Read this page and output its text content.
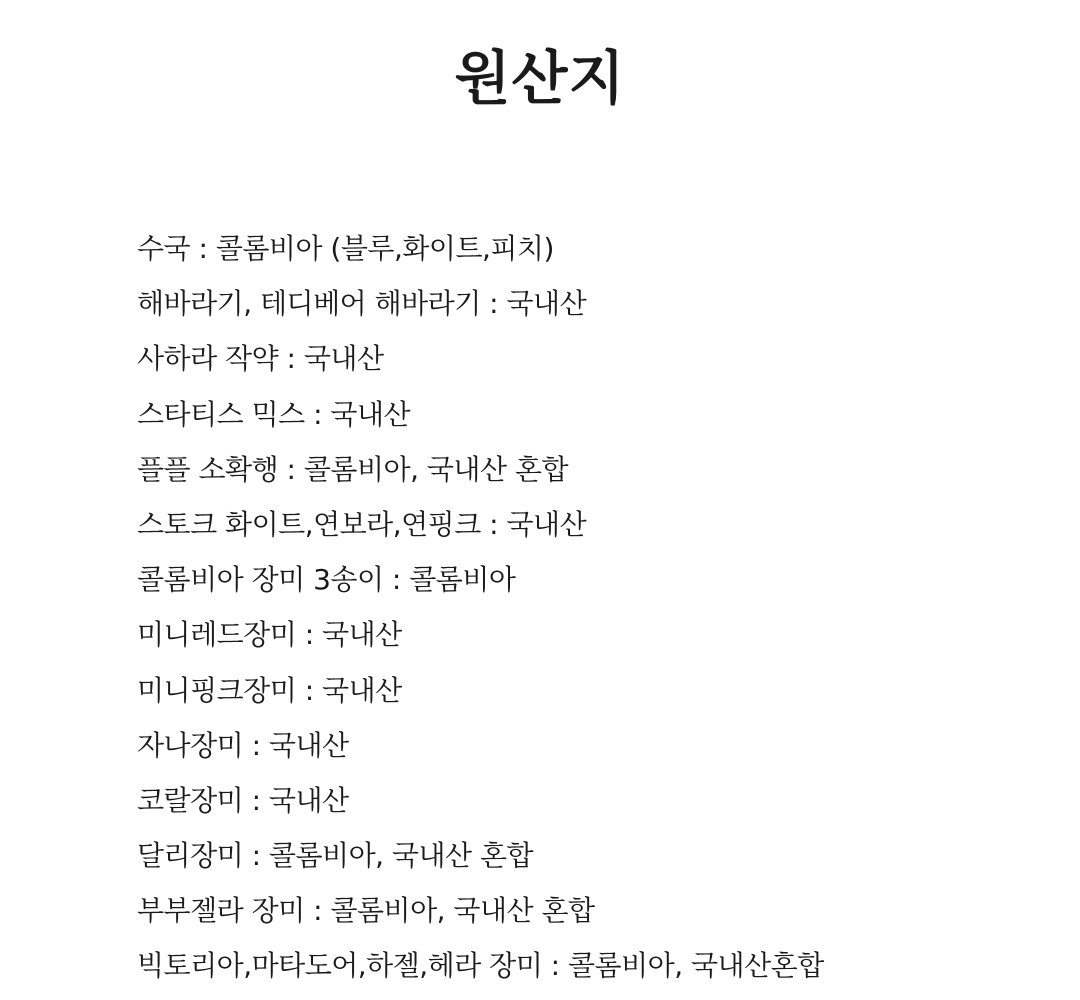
원산지
수국 : 콜롬비아 (블루,화이트,피치)
해바라기, 테디베어 해바라기 : 국내산
사하라 작약 : 국내산
스타티스 믹스 : 국내산
플플 소확행 : 콜롬비아, 국내산 혼합
스토크 화이트,연보라,연핑크 : 국내산
콜롬비아 장미 3송이 : 콜롬비아
미니레드장미 : 국내산
미니핑크장미 : 국내산
자나장미 : 국내산
코랄장미 : 국내산
달리장미 : 콜롬비아, 국내산 혼합
부부젤라 장미 : 콜롬비아, 국내산 혼합
빅토리아,마타도어,하젤,헤라 장미 : 콜롬비아, 국내산혼합
